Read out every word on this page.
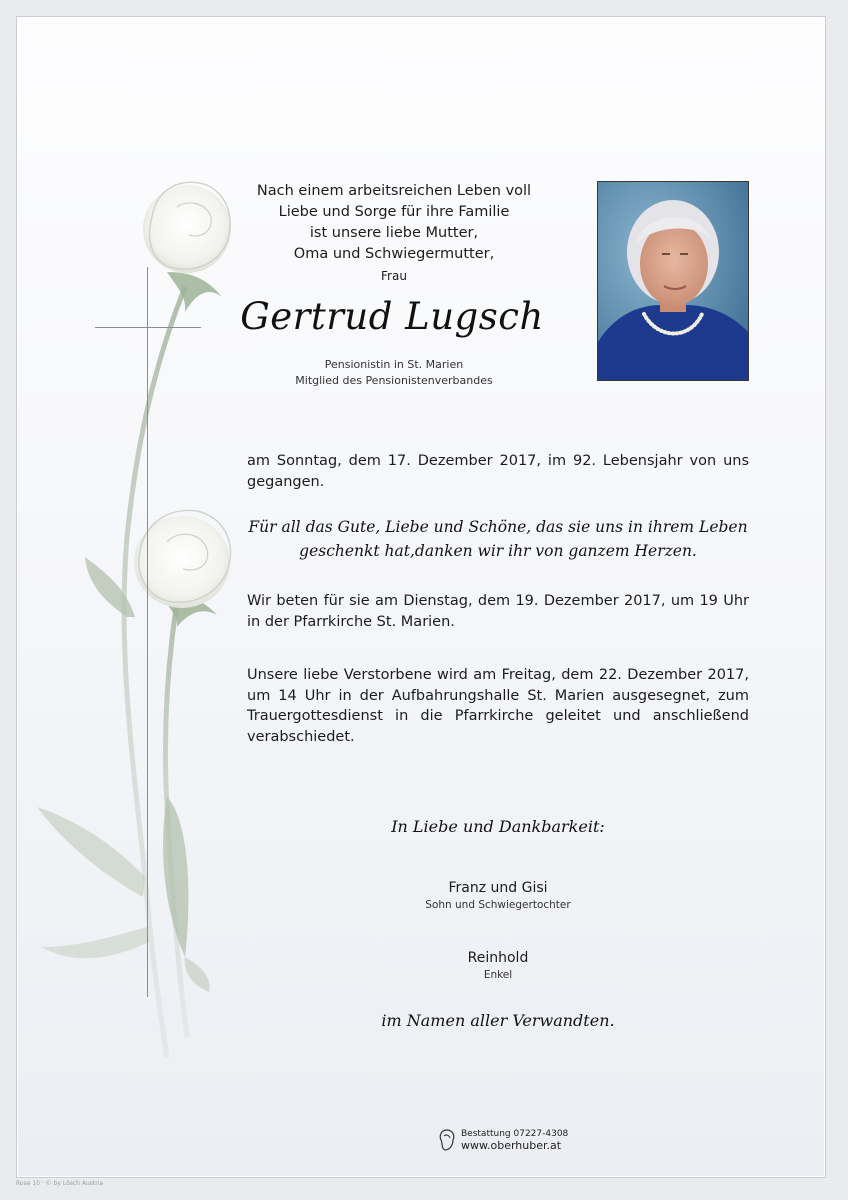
Nach einem arbeitsreichen Leben voll
Liebe und Sorge für ihre Familie
ist unsere liebe Mutter,
Oma und Schwiegermutter,
Frau
Gertrud Lugsch
Pensionistin in St. Marien
Mitglied des Pensionistenverbandes
am Sonntag, dem 17. Dezember 2017, im 92. Lebensjahr von uns gegangen.
Für all das Gute, Liebe und Schöne, das sie uns in ihrem Leben
geschenkt hat,danken wir ihr von ganzem Herzen.
Wir beten für sie am Dienstag, dem 19. Dezember 2017, um 19 Uhr in der Pfarrkirche St. Marien.
Unsere liebe Verstorbene wird am Freitag, dem 22. Dezember 2017, um 14 Uhr in der Aufbahrungshalle St. Marien ausgesegnet, zum Trauergottesdienst in die Pfarrkirche geleitet und anschließend verabschiedet.
In Liebe und Dankbarkeit:
Franz und Gisi
Sohn und Schwiegertochter
Reinhold
Enkel
im Namen aller Verwandten.
Bestattung 07227-4308
www.oberhuber.at
Rose 10 · © by Lösch Austria
